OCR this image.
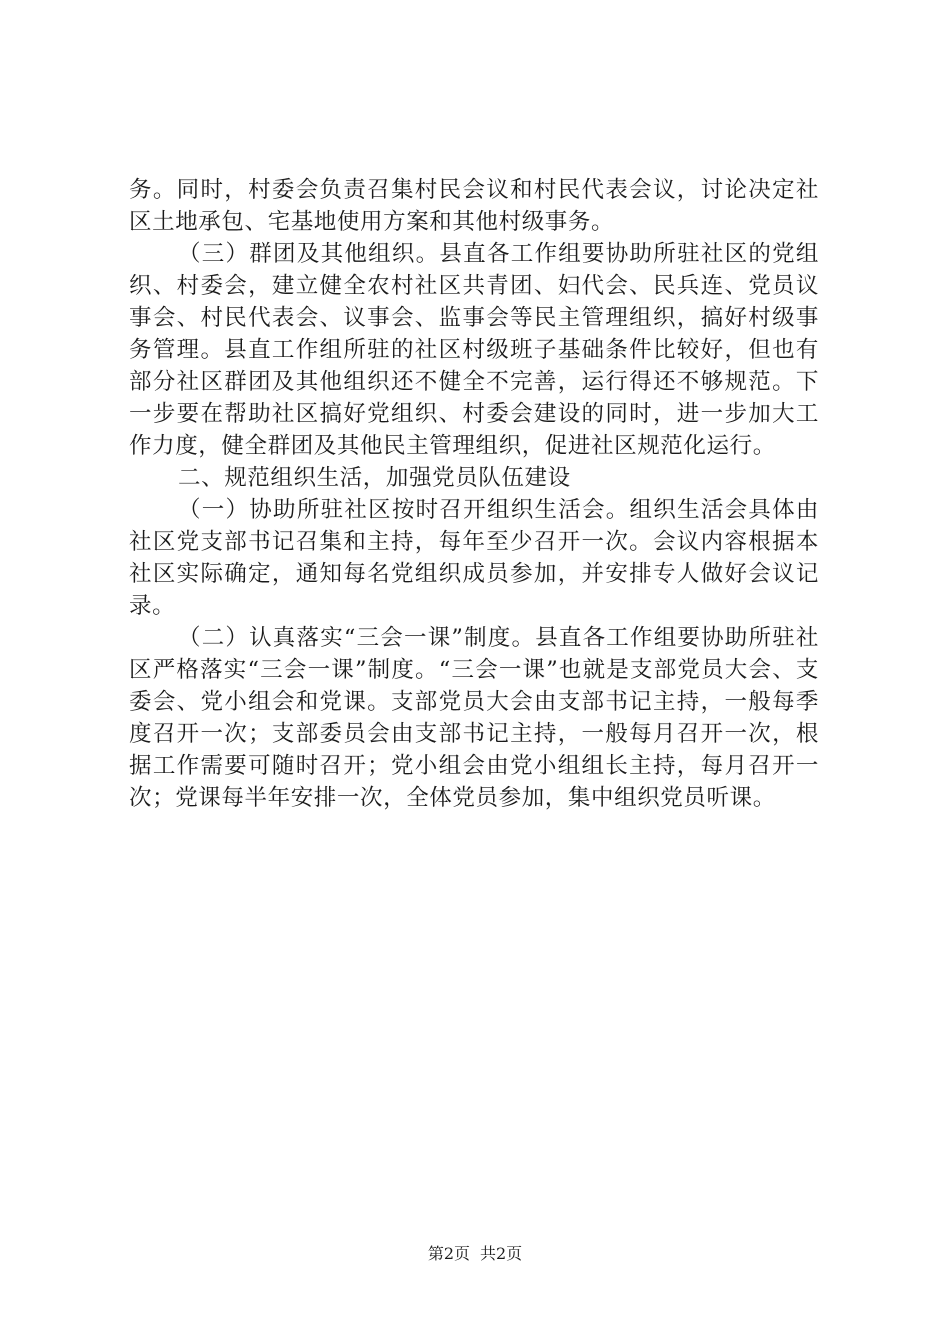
务。同时，村委会负责召集村民会议和村民代表会议，讨论决定社区土地承包、宅基地使用方案和其他村级事务。

（三）群团及其他组织。县直各工作组要协助所驻社区的党组织、村委会，建立健全农村社区共青团、妇代会、民兵连、党员议事会、村民代表会、议事会、监事会等民主管理组织，搞好村级事务管理。县直工作组所驻的社区村级班子基础条件比较好，但也有部分社区群团及其他组织还不健全不完善，运行得还不够规范。下一步要在帮助社区搞好党组织、村委会建设的同时，进一步加大工作力度，健全群团及其他民主管理组织，促进社区规范化运行。

二、规范组织生活，加强党员队伍建设

（一）协助所驻社区按时召开组织生活会。组织生活会具体由社区党支部书记召集和主持，每年至少召开一次。会议内容根据本社区实际确定，通知每名党组织成员参加，并安排专人做好会议记录。

（二）认真落实“三会一课”制度。县直各工作组要协助所驻社区严格落实“三会一课”制度。“三会一课”也就是支部党员大会、支委会、党小组会和党课。支部党员大会由支部书记主持，一般每季度召开一次；支部委员会由支部书记主持，一般每月召开一次，根据工作需要可随时召开；党小组会由党小组组长主持，每月召开一次；党课每半年安排一次，全体党员参加，集中组织党员听课。

第2页 共2页
